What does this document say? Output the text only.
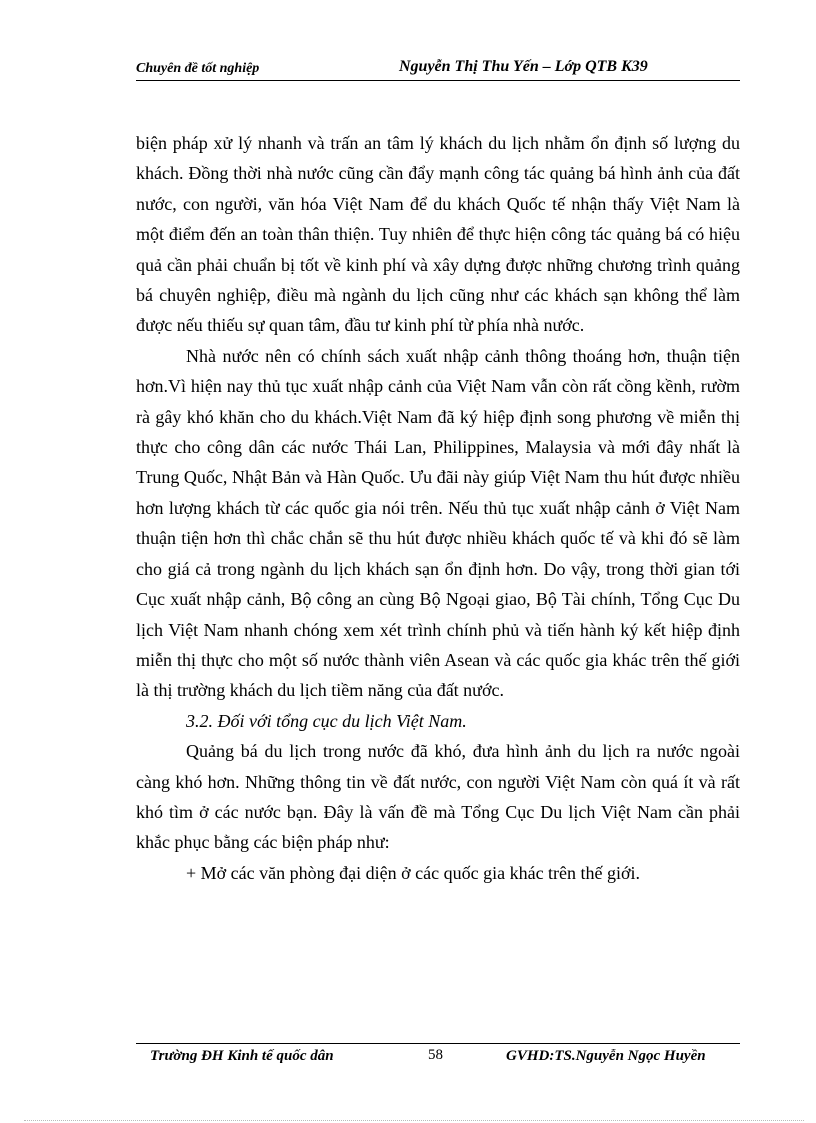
Chuyên đề tốt nghiệp	Nguyễn Thị Thu Yến – Lớp QTB K39

biện pháp xử lý nhanh và trấn an tâm lý khách du lịch nhằm ổn định số lượng du khách. Đồng thời nhà nước cũng cần đẩy mạnh công tác quảng bá hình ảnh của đất nước, con người, văn hóa Việt Nam để du khách Quốc tế nhận thấy Việt Nam là một điểm đến an toàn thân thiện. Tuy nhiên để thực hiện công tác quảng bá có hiệu quả cần phải chuẩn bị tốt về kinh phí và xây dựng được những chương trình quảng bá chuyên nghiệp, điều mà ngành du lịch cũng như các khách sạn không thể làm được nếu thiếu sự quan tâm, đầu tư kinh phí từ phía nhà nước.

Nhà nước nên có chính sách xuất nhập cảnh thông thoáng hơn, thuận tiện hơn.Vì hiện nay thủ tục xuất nhập cảnh của Việt Nam vẫn còn rất cồng kềnh, rườm rà gây khó khăn cho du khách.Việt Nam đã ký hiệp định song phương về miễn thị thực cho công dân các nước Thái Lan, Philippines, Malaysia và mới đây nhất là Trung Quốc, Nhật Bản và Hàn Quốc. Ưu đãi này giúp Việt Nam thu hút được nhiều hơn lượng khách từ các quốc gia nói trên. Nếu thủ tục xuất nhập cảnh ở Việt Nam thuận tiện hơn thì chắc chắn sẽ thu hút được nhiều khách quốc tế và khi đó sẽ làm cho giá cả trong ngành du lịch khách sạn ổn định hơn. Do vậy, trong thời gian tới Cục xuất nhập cảnh, Bộ công an cùng Bộ Ngoại giao, Bộ Tài chính, Tổng Cục Du lịch Việt Nam nhanh chóng xem xét trình chính phủ và tiến hành ký kết hiệp định miễn thị thực cho một số nước thành viên Asean và các quốc gia khác trên thế giới là thị trường khách du lịch tiềm năng của đất nước.

3.2. Đối với tổng cục du lịch Việt Nam.

Quảng bá du lịch trong nước đã khó, đưa hình ảnh du lịch ra nước ngoài càng khó hơn. Những thông tin về đất nước, con người Việt Nam còn quá ít và rất khó tìm ở các nước bạn. Đây là vấn đề mà Tổng Cục Du lịch Việt Nam cần phải khắc phục bằng các biện pháp như:

+ Mở các văn phòng đại diện ở các quốc gia khác trên thế giới.

Trường ĐH Kinh tế quốc dân	58	GVHD:TS.Nguyễn Ngọc Huyền
